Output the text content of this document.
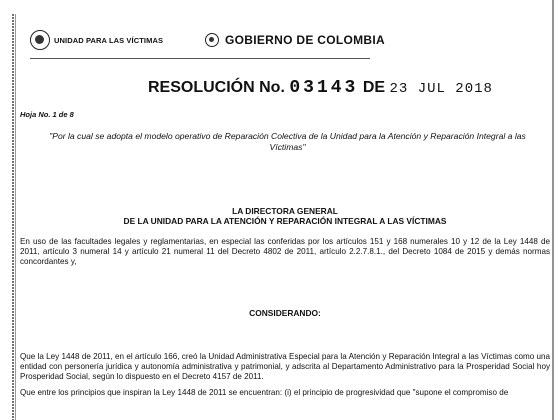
UNIDAD PARA LAS VÍCTIMAS	GOBIERNO DE COLOMBIA
RESOLUCIÓN No. 03143 DE 23 JUL 2018
Hoja No. 1 de 8
"Por la cual se adopta el modelo operativo de Reparación Colectiva de la Unidad para la Atención y Reparación Integral a las Víctimas"
LA DIRECTORA GENERAL
DE LA UNIDAD PARA LA ATENCIÓN Y REPARACIÓN INTEGRAL A LAS VÍCTIMAS
En uso de las facultades legales y reglamentarias, en especial las conferidas por los artículos 151 y 168 numerales 10 y 12 de la Ley 1448 de 2011, artículo 3 numeral 14 y artículo 21 numeral 11 del Decreto 4802 de 2011, artículo 2.2.7.8.1., del Decreto 1084 de 2015 y demás normas concordantes y,
CONSIDERANDO:
Que la Ley 1448 de 2011, en el artículo 166, creó la Unidad Administrativa Especial para la Atención y Reparación Integral a las Víctimas como una entidad con personería jurídica y autonomía administrativa y patrimonial, y adscrita al Departamento Administrativo para la Prosperidad Social hoy Prosperidad Social, según lo dispuesto en el Decreto 4157 de 2011.
Que entre los principios que inspiran la Ley 1448 de 2011 se encuentran: (i) el principio de progresividad que "supone el compromiso de
